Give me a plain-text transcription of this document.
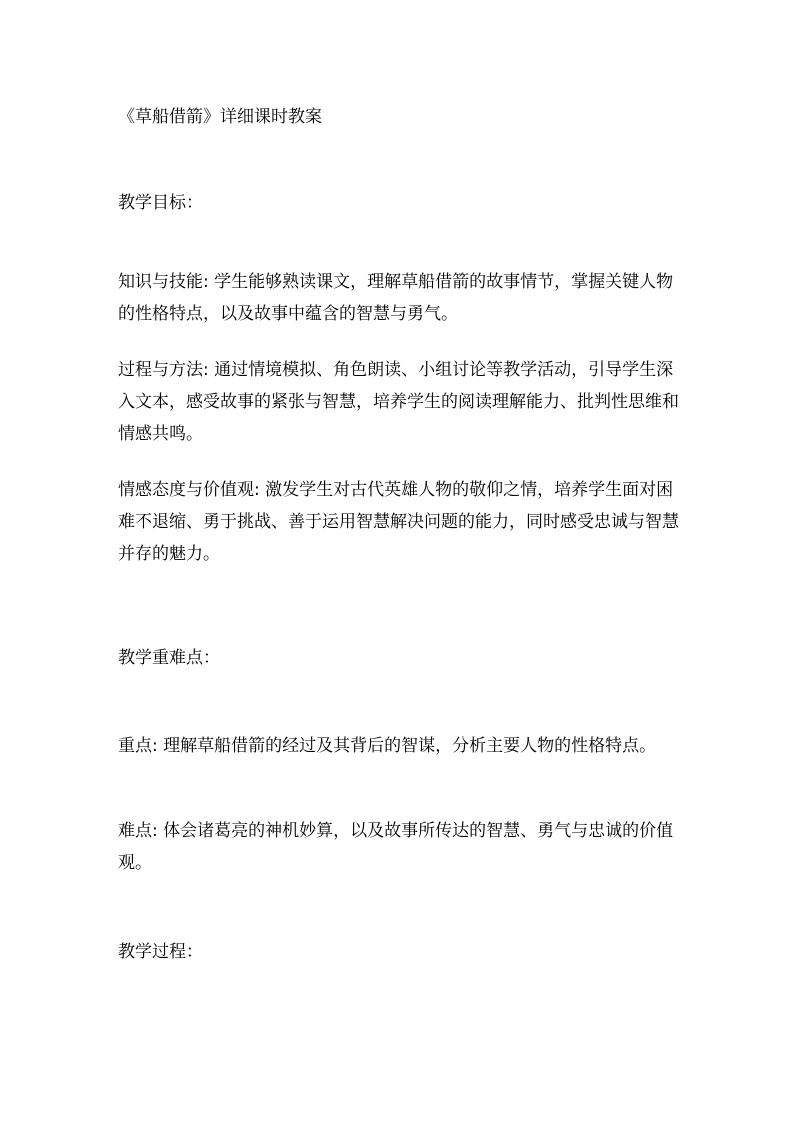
《草船借箭》详细课时教案
教学目标：
知识与技能: 学生能够熟读课文，理解草船借箭的故事情节，掌握关键人物的性格特点，以及故事中蕴含的智慧与勇气。
过程与方法: 通过情境模拟、角色朗读、小组讨论等教学活动，引导学生深入文本，感受故事的紧张与智慧，培养学生的阅读理解能力、批判性思维和情感共鸣。
情感态度与价值观: 激发学生对古代英雄人物的敬仰之情，培养学生面对困难不退缩、勇于挑战、善于运用智慧解决问题的能力，同时感受忠诚与智慧并存的魅力。
教学重难点：
重点: 理解草船借箭的经过及其背后的智谋，分析主要人物的性格特点。
难点: 体会诸葛亮的神机妙算，以及故事所传达的智慧、勇气与忠诚的价值观。
教学过程：
